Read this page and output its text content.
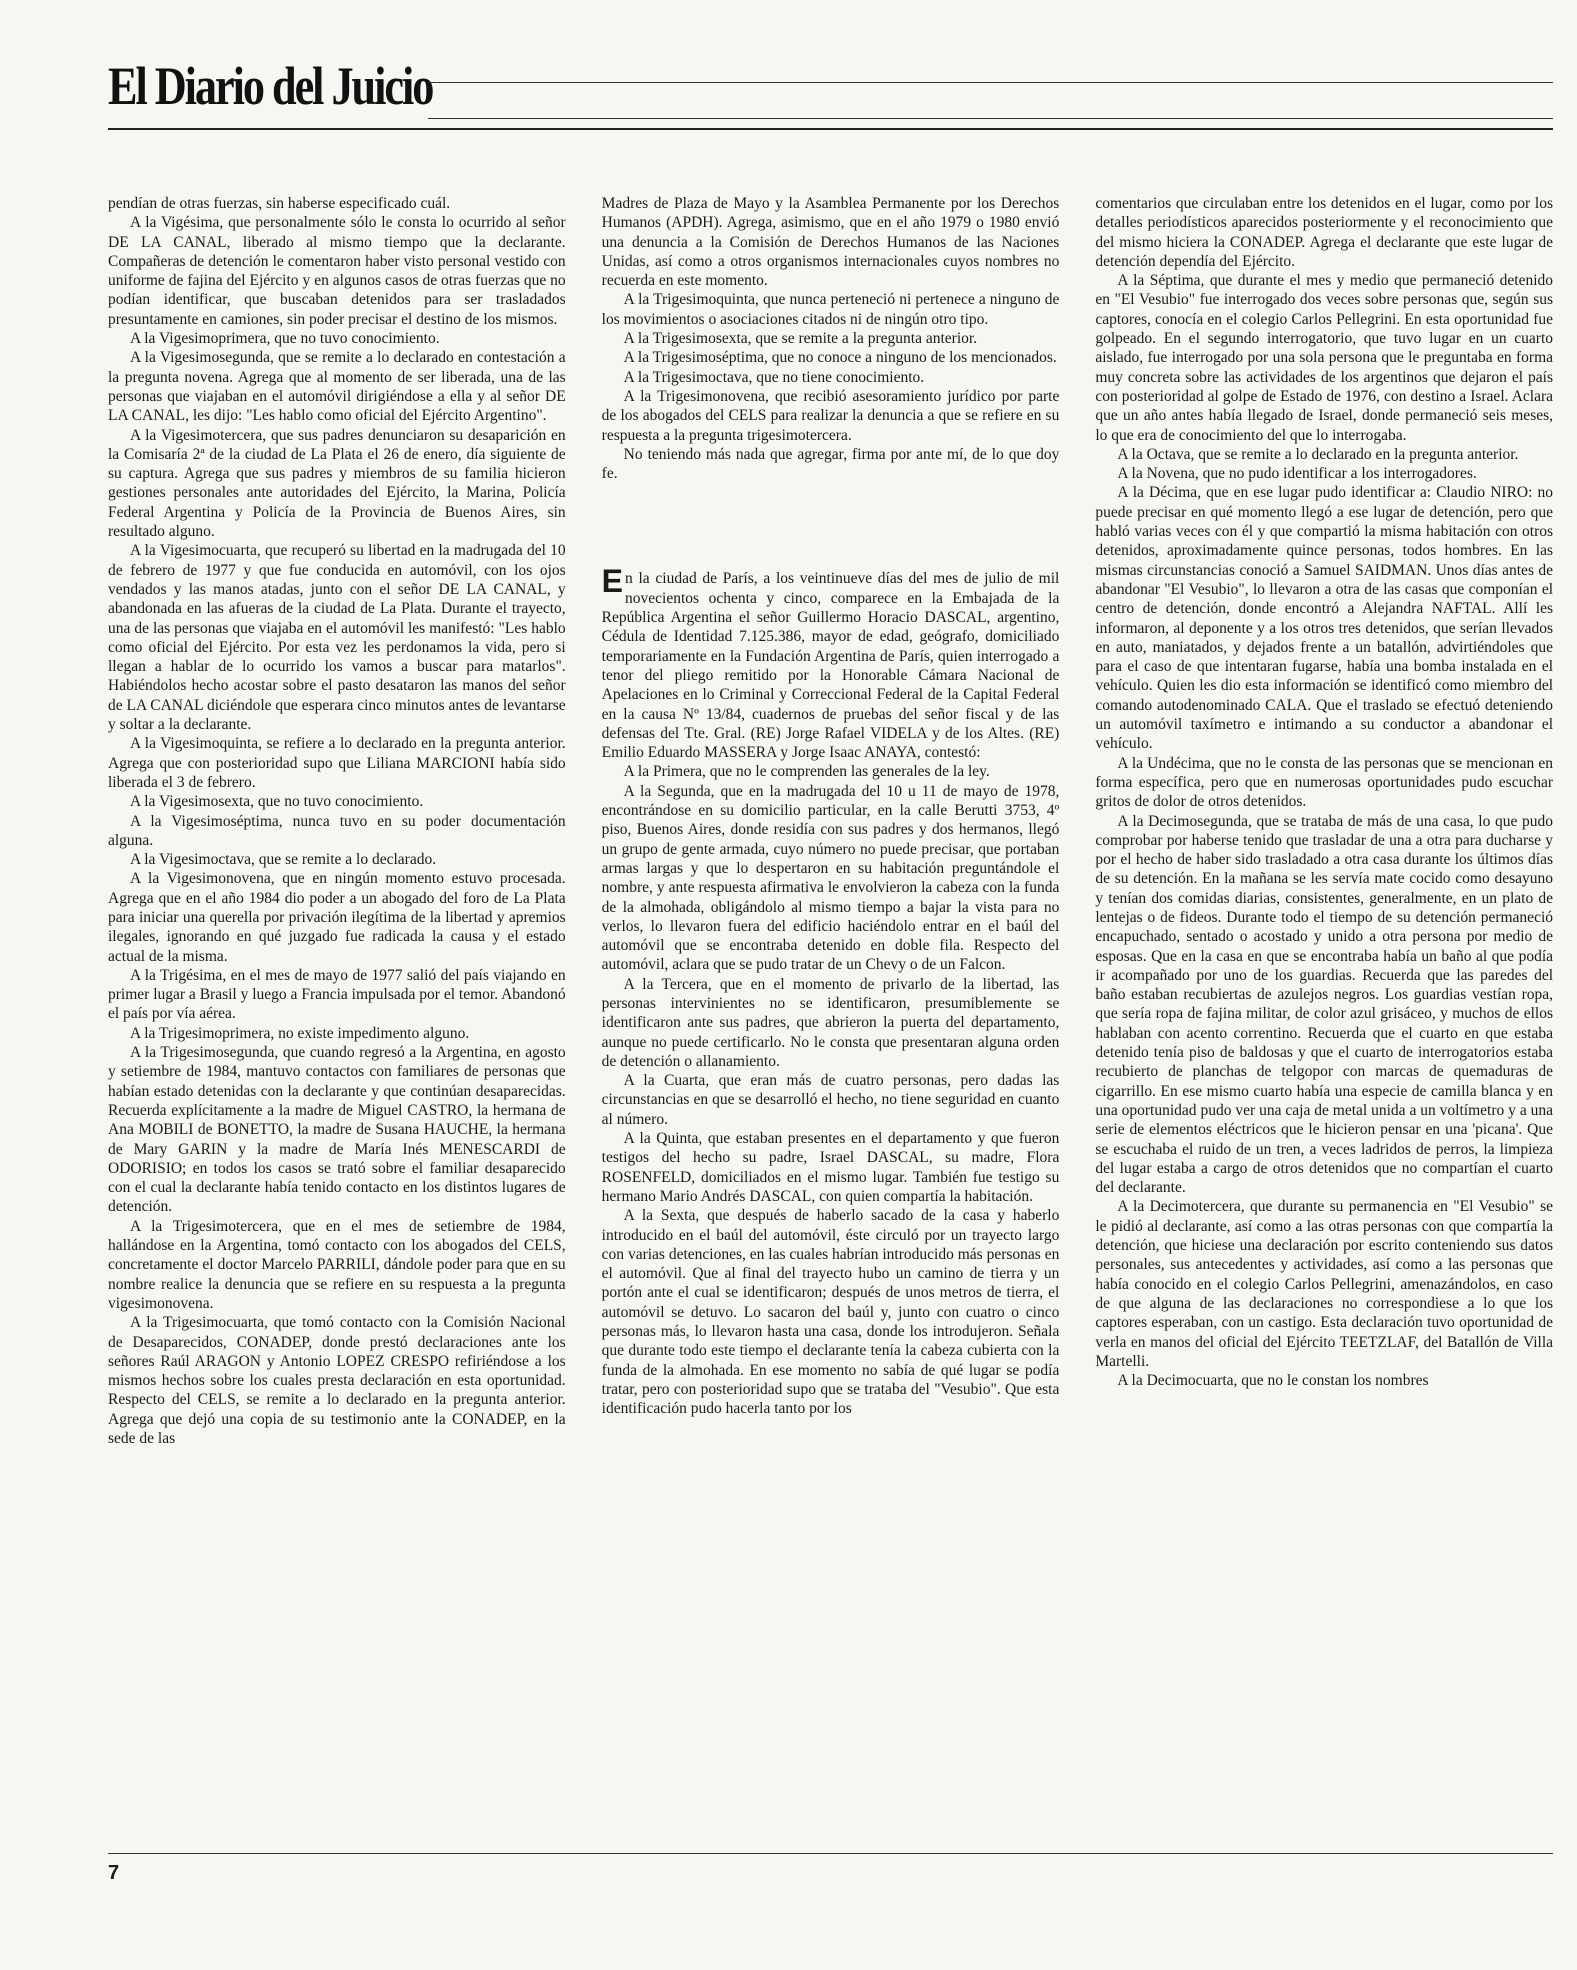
El Diario del Juicio

pendían de otras fuerzas, sin haberse especificado cuál.

A la Vigésima, que personalmente sólo le consta lo ocurrido al señor DE LA CANAL, liberado al mismo tiempo que la declarante. Compañeras de detención le comentaron haber visto personal vestido con uniforme de fajina del Ejército y en algunos casos de otras fuerzas que no podían identificar, que buscaban detenidos para ser trasladados presuntamente en camiones, sin poder precisar el destino de los mismos.

A la Vigesimoprimera, que no tuvo conocimiento.

A la Vigesimosegunda, que se remite a lo declarado en contestación a la pregunta novena. Agrega que al momento de ser liberada, una de las personas que viajaban en el automóvil dirigiéndose a ella y al señor DE LA CANAL, les dijo: "Les hablo como oficial del Ejército Argentino".

A la Vigesimotercera, que sus padres denunciaron su desaparición en la Comisaría 2ª de la ciudad de La Plata el 26 de enero, día siguiente de su captura. Agrega que sus padres y miembros de su familia hicieron gestiones personales ante autoridades del Ejército, la Marina, Policía Federal Argentina y Policía de la Provincia de Buenos Aires, sin resultado alguno.

A la Vigesimocuarta, que recuperó su libertad en la madrugada del 10 de febrero de 1977 y que fue conducida en automóvil, con los ojos vendados y las manos atadas, junto con el señor DE LA CANAL, y abandonada en las afueras de la ciudad de La Plata. Durante el trayecto, una de las personas que viajaba en el automóvil les manifestó: "Les hablo como oficial del Ejército. Por esta vez les perdonamos la vida, pero si llegan a hablar de lo ocurrido los vamos a buscar para matarlos". Habiéndolos hecho acostar sobre el pasto desataron las manos del señor de LA CANAL diciéndole que esperara cinco minutos antes de levantarse y soltar a la declarante.

A la Vigesimoquinta, se refiere a lo declarado en la pregunta anterior. Agrega que con posterioridad supo que Liliana MARCIONI había sido liberada el 3 de febrero.

A la Vigesimosexta, que no tuvo conocimiento.

A la Vigesimoséptima, nunca tuvo en su poder documentación alguna.

A la Vigesimoctava, que se remite a lo declarado.

A la Vigesimonovena, que en ningún momento estuvo procesada. Agrega que en el año 1984 dio poder a un abogado del foro de La Plata para iniciar una querella por privación ilegítima de la libertad y apremios ilegales, ignorando en qué juzgado fue radicada la causa y el estado actual de la misma.

A la Trigésima, en el mes de mayo de 1977 salió del país viajando en primer lugar a Brasil y luego a Francia impulsada por el temor. Abandonó el país por vía aérea.

A la Trigesimoprimera, no existe impedimento alguno.

A la Trigesimosegunda, que cuando regresó a la Argentina, en agosto y setiembre de 1984, mantuvo contactos con familiares de personas que habían estado detenidas con la declarante y que continúan desaparecidas. Recuerda explícitamente a la madre de Miguel CASTRO, la hermana de Ana MOBILI de BONETTO, la madre de Susana HAUCHE, la hermana de Mary GARIN y la madre de María Inés MENESCARDI de ODORISIO; en todos los casos se trató sobre el familiar desaparecido con el cual la declarante había tenido contacto en los distintos lugares de detención.

A la Trigesimotercera, que en el mes de setiembre de 1984, hallándose en la Argentina, tomó contacto con los abogados del CELS, concretamente el doctor Marcelo PARRILI, dándole poder para que en su nombre realice la denuncia que se refiere en su respuesta a la pregunta vigesimonovena.

A la Trigesimocuarta, que tomó contacto con la Comisión Nacional de Desaparecidos, CONADEP, donde prestó declaraciones ante los señores Raúl ARAGON y Antonio LOPEZ CRESPO refiriéndose a los mismos hechos sobre los cuales presta declaración en esta oportunidad. Respecto del CELS, se remite a lo declarado en la pregunta anterior. Agrega que dejó una copia de su testimonio ante la CONADEP, en la sede de las

Madres de Plaza de Mayo y la Asamblea Permanente por los Derechos Humanos (APDH). Agrega, asimismo, que en el año 1979 o 1980 envió una denuncia a la Comisión de Derechos Humanos de las Naciones Unidas, así como a otros organismos internacionales cuyos nombres no recuerda en este momento.

A la Trigesimoquinta, que nunca perteneció ni pertenece a ninguno de los movimientos o asociaciones citados ni de ningún otro tipo.

A la Trigesimosexta, que se remite a la pregunta anterior.

A la Trigesimoséptima, que no conoce a ninguno de los mencionados.

A la Trigesimoctava, que no tiene conocimiento.

A la Trigesimonovena, que recibió asesoramiento jurídico por parte de los abogados del CELS para realizar la denuncia a que se refiere en su respuesta a la pregunta trigesimotercera.

No teniendo más nada que agregar, firma por ante mí, de lo que doy fe.

En la ciudad de París, a los veintinueve días del mes de julio de mil novecientos ochenta y cinco, comparece en la Embajada de la República Argentina el señor Guillermo Horacio DASCAL, argentino, Cédula de Identidad 7.125.386, mayor de edad, geógrafo, domiciliado temporariamente en la Fundación Argentina de París, quien interrogado a tenor del pliego remitido por la Honorable Cámara Nacional de Apelaciones en lo Criminal y Correccional Federal de la Capital Federal en la causa Nº 13/84, cuadernos de pruebas del señor fiscal y de las defensas del Tte. Gral. (RE) Jorge Rafael VIDELA y de los Altes. (RE) Emilio Eduardo MASSERA y Jorge Isaac ANAYA, contestó:

A la Primera, que no le comprenden las generales de la ley.

A la Segunda, que en la madrugada del 10 u 11 de mayo de 1978, encontrándose en su domicilio particular, en la calle Berutti 3753, 4º piso, Buenos Aires, donde residía con sus padres y dos hermanos, llegó un grupo de gente armada, cuyo número no puede precisar, que portaban armas largas y que lo despertaron en su habitación preguntándole el nombre, y ante respuesta afirmativa le envolvieron la cabeza con la funda de la almohada, obligándolo al mismo tiempo a bajar la vista para no verlos, lo llevaron fuera del edificio haciéndolo entrar en el baúl del automóvil que se encontraba detenido en doble fila. Respecto del automóvil, aclara que se pudo tratar de un Chevy o de un Falcon.

A la Tercera, que en el momento de privarlo de la libertad, las personas intervinientes no se identificaron, presumiblemente se identificaron ante sus padres, que abrieron la puerta del departamento, aunque no puede certificarlo. No le consta que presentaran alguna orden de detención o allanamiento.

A la Cuarta, que eran más de cuatro personas, pero dadas las circunstancias en que se desarrolló el hecho, no tiene seguridad en cuanto al número.

A la Quinta, que estaban presentes en el departamento y que fueron testigos del hecho su padre, Israel DASCAL, su madre, Flora ROSENFELD, domiciliados en el mismo lugar. También fue testigo su hermano Mario Andrés DASCAL, con quien compartía la habitación.

A la Sexta, que después de haberlo sacado de la casa y haberlo introducido en el baúl del automóvil, éste circuló por un trayecto largo con varias detenciones, en las cuales habrían introducido más personas en el automóvil. Que al final del trayecto hubo un camino de tierra y un portón ante el cual se identificaron; después de unos metros de tierra, el automóvil se detuvo. Lo sacaron del baúl y, junto con cuatro o cinco personas más, lo llevaron hasta una casa, donde los introdujeron. Señala que durante todo este tiempo el declarante tenía la cabeza cubierta con la funda de la almohada. En ese momento no sabía de qué lugar se podía tratar, pero con posterioridad supo que se trataba del "Vesubio". Que esta identificación pudo hacerla tanto por los

comentarios que circulaban entre los detenidos en el lugar, como por los detalles periodísticos aparecidos posteriormente y el reconocimiento que del mismo hiciera la CONADEP. Agrega el declarante que este lugar de detención dependía del Ejército.

A la Séptima, que durante el mes y medio que permaneció detenido en "El Vesubio" fue interrogado dos veces sobre personas que, según sus captores, conocía en el colegio Carlos Pellegrini. En esta oportunidad fue golpeado. En el segundo interrogatorio, que tuvo lugar en un cuarto aislado, fue interrogado por una sola persona que le preguntaba en forma muy concreta sobre las actividades de los argentinos que dejaron el país con posterioridad al golpe de Estado de 1976, con destino a Israel. Aclara que un año antes había llegado de Israel, donde permaneció seis meses, lo que era de conocimiento del que lo interrogaba.

A la Octava, que se remite a lo declarado en la pregunta anterior.

A la Novena, que no pudo identificar a los interrogadores.

A la Décima, que en ese lugar pudo identificar a: Claudio NIRO: no puede precisar en qué momento llegó a ese lugar de detención, pero que habló varias veces con él y que compartió la misma habitación con otros detenidos, aproximadamente quince personas, todos hombres. En las mismas circunstancias conoció a Samuel SAIDMAN. Unos días antes de abandonar "El Vesubio", lo llevaron a otra de las casas que componían el centro de detención, donde encontró a Alejandra NAFTAL. Allí les informaron, al deponente y a los otros tres detenidos, que serían llevados en auto, maniatados, y dejados frente a un batallón, advirtiéndoles que para el caso de que intentaran fugarse, había una bomba instalada en el vehículo. Quien les dio esta información se identificó como miembro del comando autodenominado CALA. Que el traslado se efectuó deteniendo un automóvil taxímetro e intimando a su conductor a abandonar el vehículo.

A la Undécima, que no le consta de las personas que se mencionan en forma específica, pero que en numerosas oportunidades pudo escuchar gritos de dolor de otros detenidos.

A la Decimosegunda, que se trataba de más de una casa, lo que pudo comprobar por haberse tenido que trasladar de una a otra para ducharse y por el hecho de haber sido trasladado a otra casa durante los últimos días de su detención. En la mañana se les servía mate cocido como desayuno y tenían dos comidas diarias, consistentes, generalmente, en un plato de lentejas o de fideos. Durante todo el tiempo de su detención permaneció encapuchado, sentado o acostado y unido a otra persona por medio de esposas. Que en la casa en que se encontraba había un baño al que podía ir acompañado por uno de los guardias. Recuerda que las paredes del baño estaban recubiertas de azulejos negros. Los guardias vestían ropa, que sería ropa de fajina militar, de color azul grisáceo, y muchos de ellos hablaban con acento correntino. Recuerda que el cuarto en que estaba detenido tenía piso de baldosas y que el cuarto de interrogatorios estaba recubierto de planchas de telgopor con marcas de quemaduras de cigarrillo. En ese mismo cuarto había una especie de camilla blanca y en una oportunidad pudo ver una caja de metal unida a un voltímetro y a una serie de elementos eléctricos que le hicieron pensar en una 'picana'. Que se escuchaba el ruido de un tren, a veces ladridos de perros, la limpieza del lugar estaba a cargo de otros detenidos que no compartían el cuarto del declarante.

A la Decimotercera, que durante su permanencia en "El Vesubio" se le pidió al declarante, así como a las otras personas con que compartía la detención, que hiciese una declaración por escrito conteniendo sus datos personales, sus antecedentes y actividades, así como a las personas que había conocido en el colegio Carlos Pellegrini, amenazándolos, en caso de que alguna de las declaraciones no correspondiese a lo que los captores esperaban, con un castigo. Esta declaración tuvo oportunidad de verla en manos del oficial del Ejército TEETZLAF, del Batallón de Villa Martelli.

A la Decimocuarta, que no le constan los nombres

7
